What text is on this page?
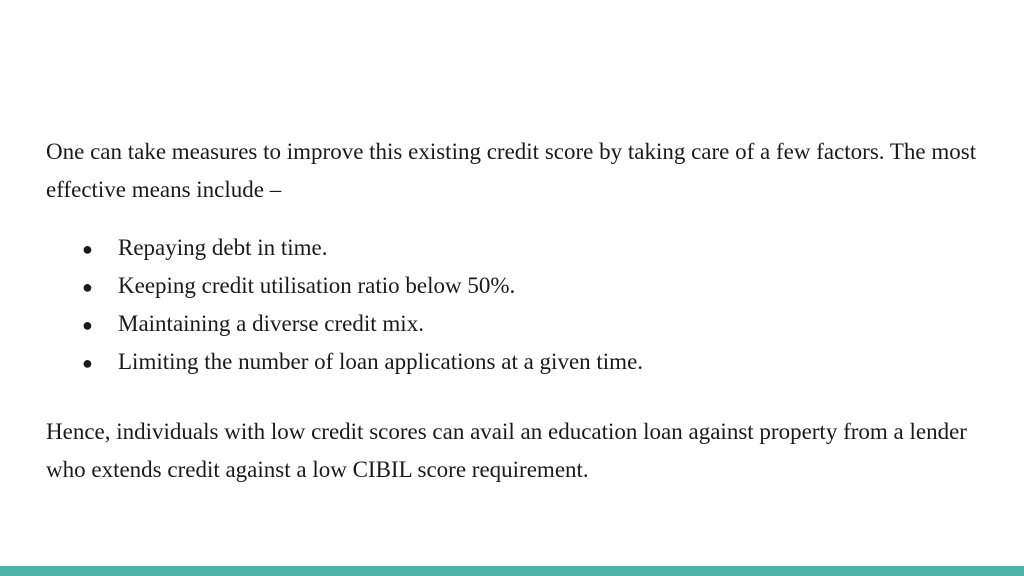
One can take measures to improve this existing credit score by taking care of a few factors. The most effective means include –

●	Repaying debt in time.
●	Keeping credit utilisation ratio below 50%.
●	Maintaining a diverse credit mix.
●	Limiting the number of loan applications at a given time.

Hence, individuals with low credit scores can avail an education loan against property from a lender who extends credit against a low CIBIL score requirement.
